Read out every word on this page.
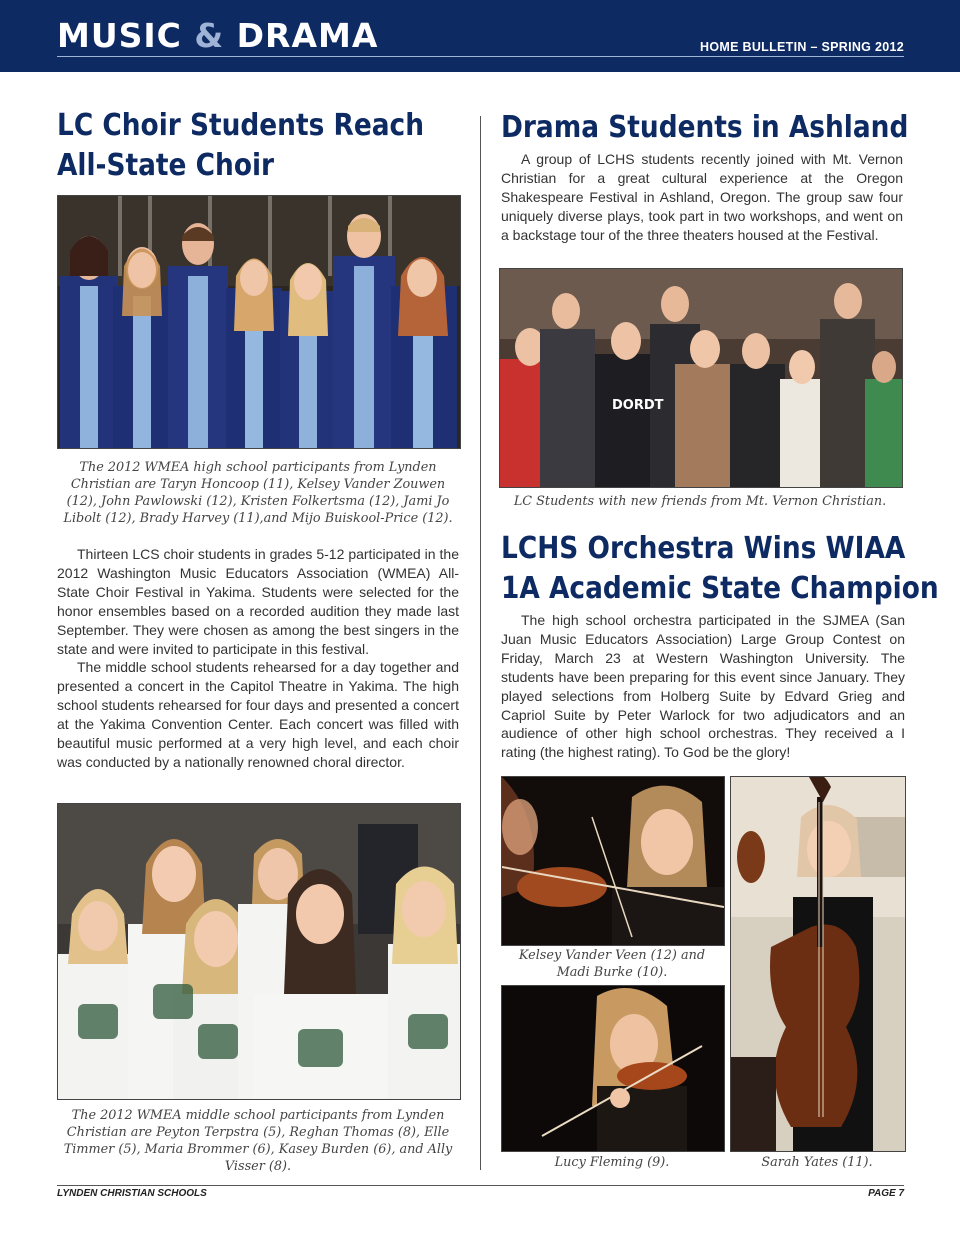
MUSIC & DRAMA	HOME BULLETIN – SPRING 2012
LC Choir Students Reach
All-State Choir

The 2012 WMEA high school participants from Lynden Christian are Taryn Honcoop (11), Kelsey Vander Zouwen (12), John Pawlowski (12), Kristen Folkertsma (12), Jami Jo Libolt (12), Brady Harvey (11),and Mijo Buiskool-Price (12).

Thirteen LCS choir students in grades 5-12 participated in the 2012 Washington Music Educators Association (WMEA) All-State Choir Festival in Yakima. Students were selected for the honor ensembles based on a recorded audition they made last September. They were chosen as among the best singers in the state and were invited to participate in this festival.

The middle school students rehearsed for a day together and presented a concert in the Capitol Theatre in Yakima. The high school students rehearsed for four days and presented a concert at the Yakima Convention Center. Each concert was filled with beautiful music performed at a very high level, and each choir was conducted by a nationally renowned choral director.

The 2012 WMEA middle school participants from Lynden Christian are Peyton Terpstra (5), Reghan Thomas (8), Elle Timmer (5), Maria Brommer (6), Kasey Burden (6), and Ally Visser (8).

Drama Students in Ashland

A group of LCHS students recently joined with Mt. Vernon Christian for a great cultural experience at the Oregon Shakespeare Festival in Ashland, Oregon. The group saw four uniquely diverse plays, took part in two workshops, and went on a backstage tour of the three theaters housed at the Festival.

DORDT

LC Students with new friends from Mt. Vernon Christian.

LCHS Orchestra Wins WIAA
1A Academic State Champion

The high school orchestra participated in the SJMEA (San Juan Music Educators Association) Large Group Contest on Friday, March 23 at Western Washington University. The students have been preparing for this event since January. They played selections from Holberg Suite by Edvard Grieg and Capriol Suite by Peter Warlock for two adjudicators and an audience of other high school orchestras. They received a I rating (the highest rating). To God be the glory!

Kelsey Vander Veen (12) and Madi Burke (10).

Lucy Fleming (9).	Sarah Yates (11).

LYNDEN CHRISTIAN SCHOOLS	PAGE 7
